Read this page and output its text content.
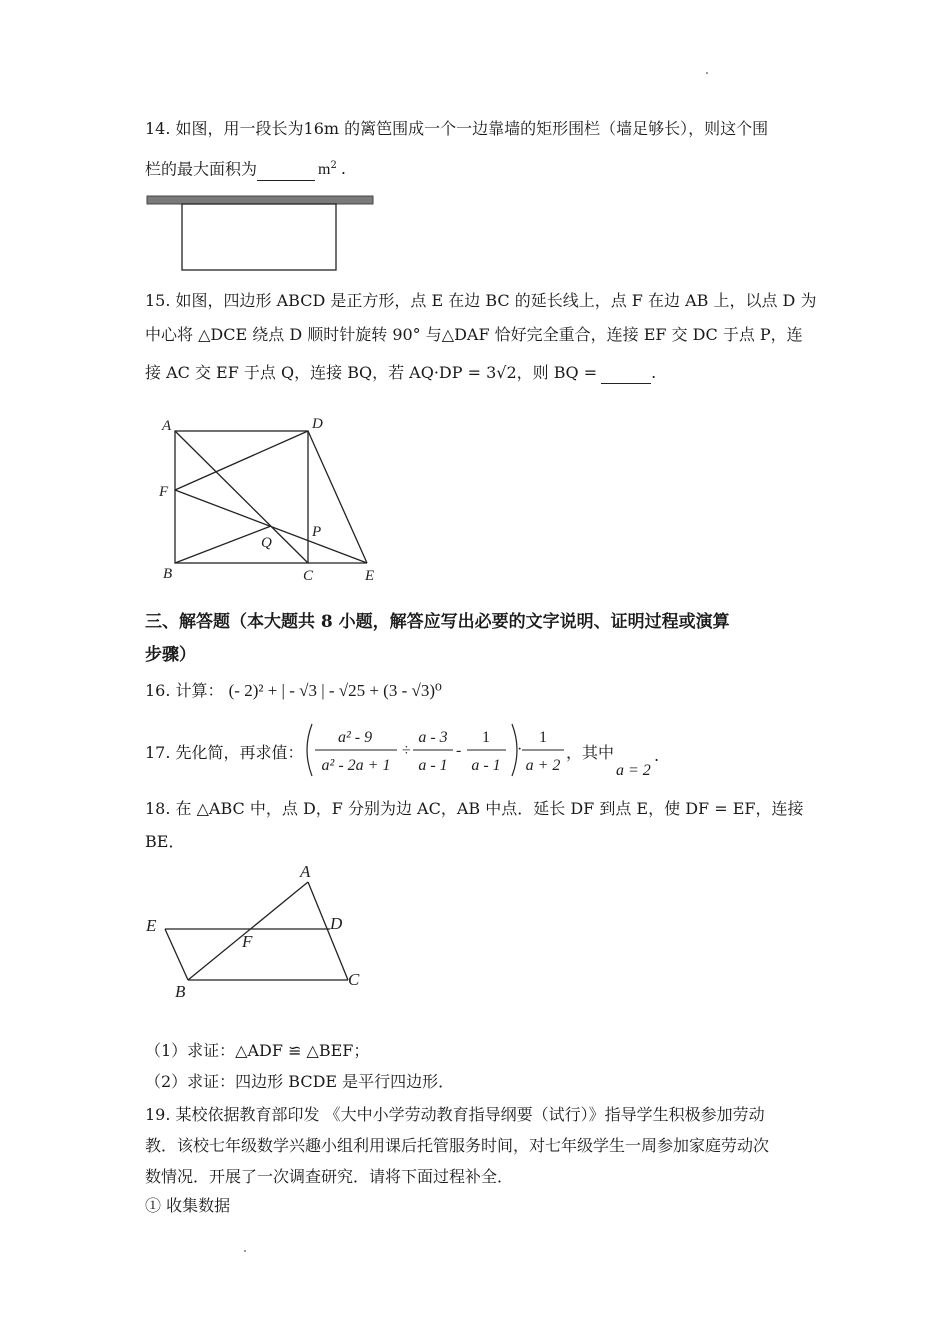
14. 如图，用一段长为16m 的篱笆围成一个一边靠墙的矩形围栏（墙足够长），则这个围
栏的最大面积为	$m^2$ .
15. 如图，四边形 ABCD 是正方形，点 E 在边 BC 的延长线上，点 F 在边 AB 上，以点 D 为
中心将 △DCE 绕点 D 顺时针旋转 90° 与△DAF 恰好完全重合，连接 EF 交 DC 于点 P，连
接 AC 交 EF 于点 Q，连接 BQ，若 AQ·DP = 3√2，则 BQ =	.
A	D
F
Q
P
B	C	E
三、解答题（本大题共 8 小题，解答应写出必要的文字说明、证明过程或演算
步骤）
16. 计算： (- 2)² + | - √3 | - √25 + (3 - √3)⁰
17. 先化简，再求值：
a² - 9
a² - 2a + 1
÷
a - 3
a - 1
-
1
a - 1
·
1
a + 2
，其中
a = 2
.
18. 在 △ABC 中，点 D，F 分别为边 AC，AB 中点．延长 DF 到点 E，使 DF = EF，连接
BE．
A
E	D
F
B
C
（1）求证：△ADF ≌ △BEF；
（2）求证：四边形 BCDE 是平行四边形．
19. 某校依据教育部印发 《大中小学劳动教育指导纲要（试行）》指导学生积极参加劳动
教．该校七年级数学兴趣小组利用课后托管服务时间，对七年级学生一周参加家庭劳动次
数情况．开展了一次调查研究．请将下面过程补全．
① 收集数据
